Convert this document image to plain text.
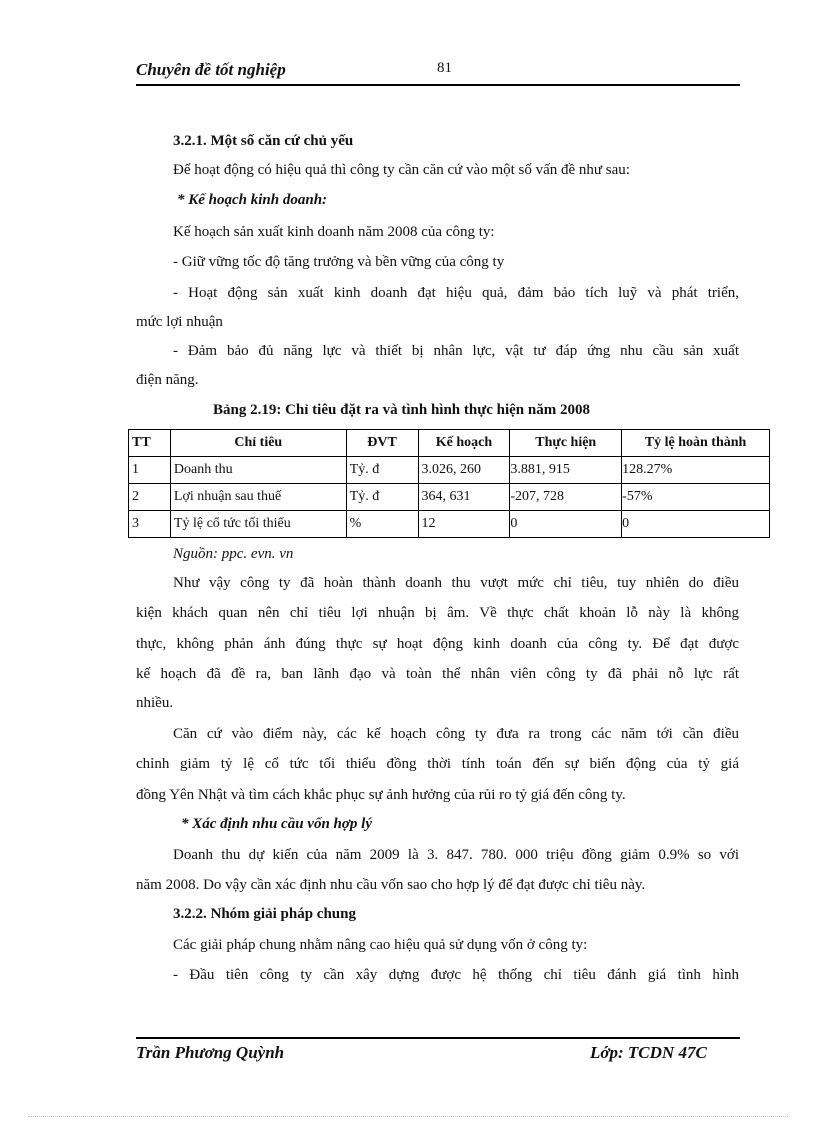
Chuyên đề tốt nghiệp	81
3.2.1. Một số căn cứ chủ yếu
Để hoạt động có hiệu quả thì công ty cần căn cứ vào một số vấn đề như sau:
* Kế hoạch kinh doanh:
Kế hoạch sản xuất kinh doanh năm 2008 của công ty:
- Giữ vững tốc độ tăng trưởng và bền vững của công ty
- Hoạt động sản xuất kinh doanh đạt hiệu quả, đảm bảo tích luỹ và phát triển,
mức lợi nhuận
- Đảm bảo đủ năng lực và thiết bị nhân lực, vật tư đáp ứng nhu cầu sản xuất
điện năng.
Bảng 2.19: Chỉ tiêu đặt ra và tình hình thực hiện năm 2008
TT	Chỉ tiêu	ĐVT	Kế hoạch	Thực hiện	Tỷ lệ hoàn thành
1	Doanh thu	Tỷ. đ	3.026, 260	3.881, 915	128.27%
2	Lợi nhuận sau thuế	Tỷ. đ	364, 631	-207, 728	-57%
3	Tỷ lệ cổ tức tối thiểu	%	12	0	0
Nguồn: ppc. evn. vn
Như vậy công ty đã hoàn thành doanh thu vượt mức chỉ tiêu, tuy nhiên do điều
kiện khách quan nên chỉ tiêu lợi nhuận bị âm. Về thực chất khoản lỗ này là không
thực, không phản ánh đúng thực sự hoạt động kinh doanh của công ty. Để đạt được
kế hoạch đã đề ra, ban lãnh đạo và toàn thể nhân viên công ty đã phải nỗ lực rất
nhiều.
Căn cứ vào điểm này, các kế hoạch công ty đưa ra trong các năm tới cần điều
chỉnh giảm tỷ lệ cổ tức tối thiểu đồng thời tính toán đến sự biến động của tỷ giá
đồng Yên Nhật và tìm cách khắc phục sự ảnh hưởng của rủi ro tỷ giá đến công ty.
* Xác định nhu cầu vốn hợp lý
Doanh thu dự kiến của năm 2009 là 3. 847. 780. 000 triệu đồng giảm 0.9% so với
năm 2008. Do vậy cần xác định nhu cầu vốn sao cho hợp lý để đạt được chỉ tiêu này.
3.2.2. Nhóm giải pháp chung
Các giải pháp chung nhằm nâng cao hiệu quả sử dụng vốn ở công ty:
- Đầu tiên công ty cần xây dựng được hệ thống chỉ tiêu đánh giá tình hình
Trần Phương Quỳnh	Lớp: TCDN 47C
